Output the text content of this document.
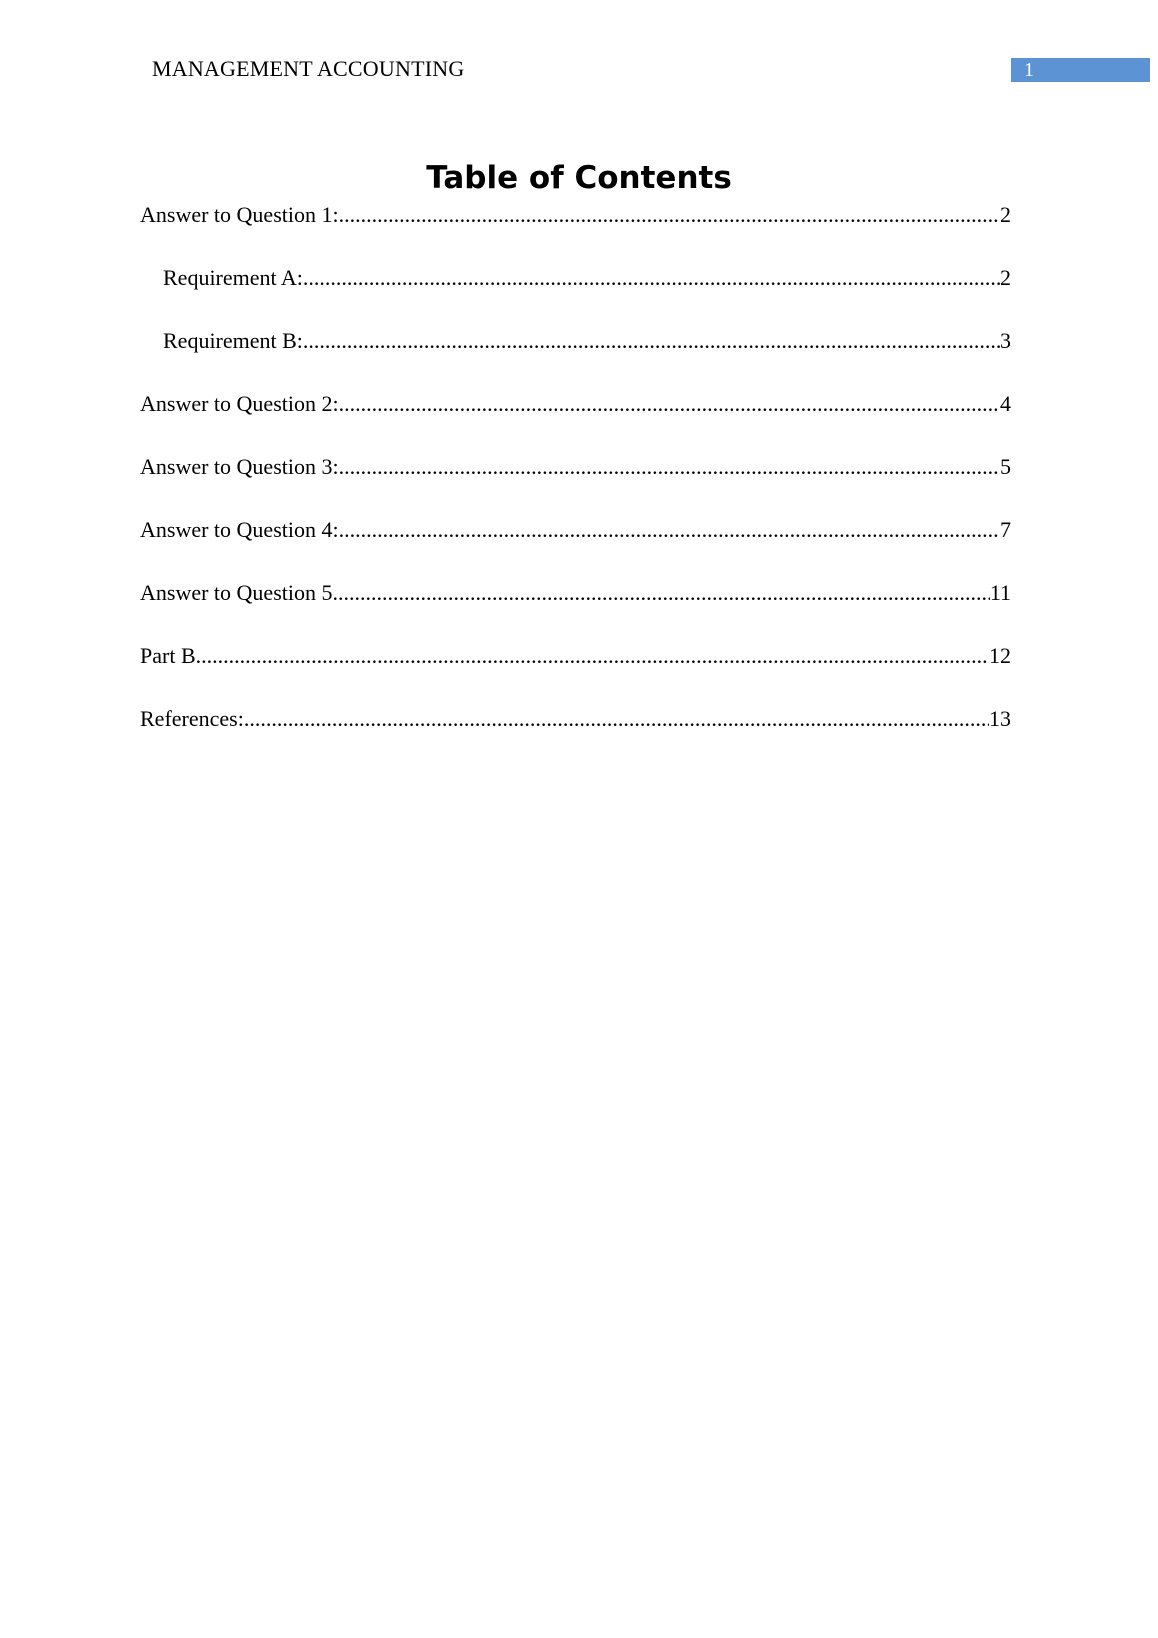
MANAGEMENT ACCOUNTING	1
Table of Contents
Answer to Question 1: .....	2
Requirement A: .....	2
Requirement B: .....	3
Answer to Question 2: .....	4
Answer to Question 3: .....	5
Answer to Question 4: .....	7
Answer to Question 5 .....	11
Part B .....	12
References: .....	13
